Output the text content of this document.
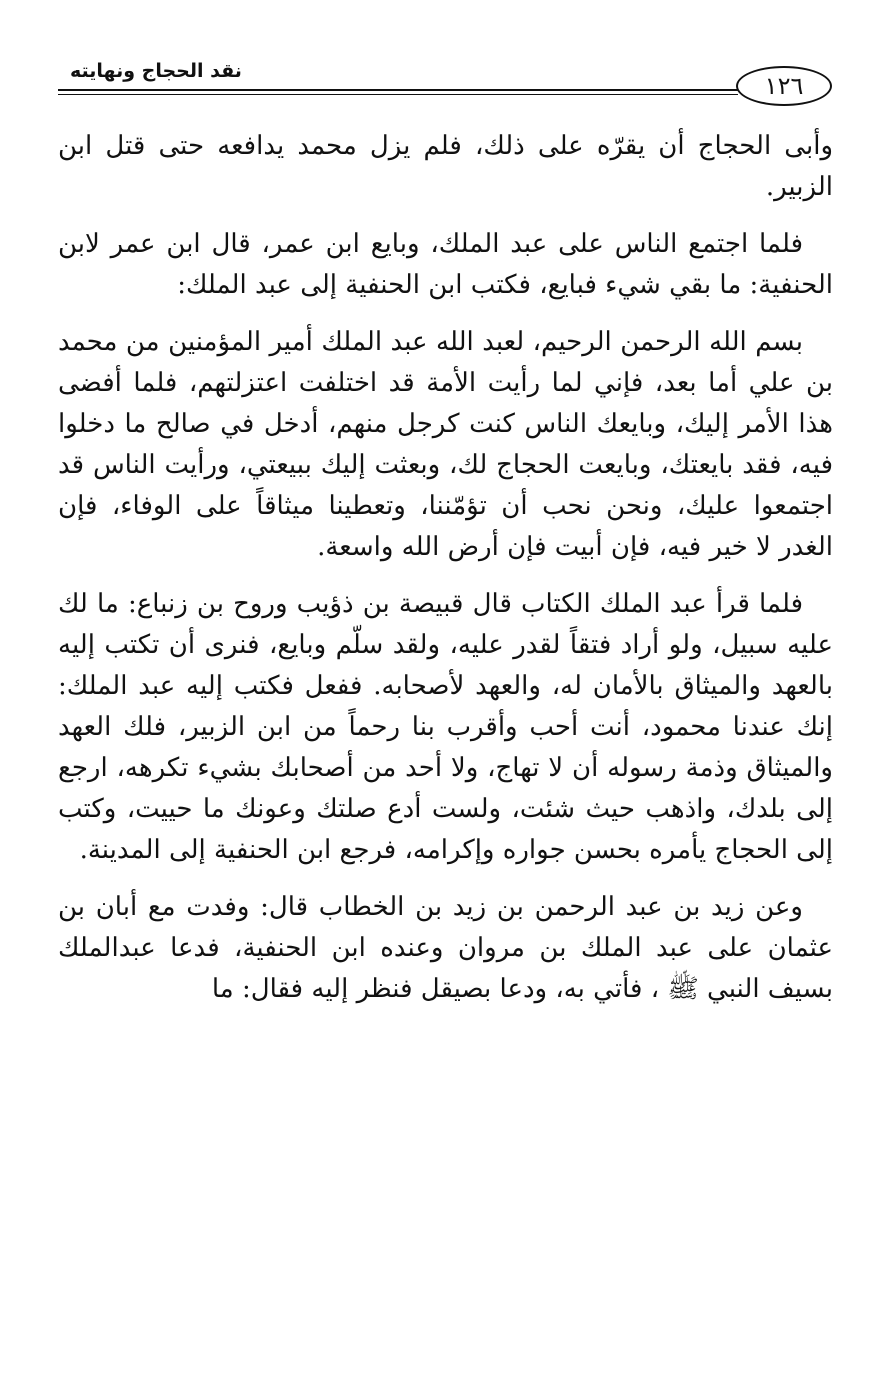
نقد الحجاج ونهايته
١٢٦

وأبى الحجاج أن يقرّه على ذلك، فلم يزل محمد يدافعه حتى قتل ابن الزبير.

فلما اجتمع الناس على عبد الملك، وبايع ابن عمر، قال ابن عمر لابن الحنفية: ما بقي شيء فبايع، فكتب ابن الحنفية إلى عبد الملك:

بسم الله الرحمن الرحيم، لعبد الله عبد الملك أمير المؤمنين من محمد بن علي أما بعد، فإني لما رأيت الأمة قد اختلفت اعتزلتهم، فلما أفضى هذا الأمر إليك، وبايعك الناس كنت كرجل منهم، أدخل في صالح ما دخلوا فيه، فقد بايعتك، وبايعت الحجاج لك، وبعثت إليك ببيعتي، ورأيت الناس قد اجتمعوا عليك، ونحن نحب أن تؤمّننا، وتعطينا ميثاقاً على الوفاء، فإن الغدر لا خير فيه، فإن أبيت فإن أرض الله واسعة.

فلما قرأ عبد الملك الكتاب قال قبيصة بن ذؤيب وروح بن زنباع: ما لك عليه سبيل، ولو أراد فتقاً لقدر عليه، ولقد سلّم وبايع، فنرى أن تكتب إليه بالعهد والميثاق بالأمان له، والعهد لأصحابه. ففعل فكتب إليه عبد الملك: إنك عندنا محمود، أنت أحب وأقرب بنا رحماً من ابن الزبير، فلك العهد والميثاق وذمة رسوله أن لا تهاج، ولا أحد من أصحابك بشيء تكرهه، ارجع إلى بلدك، واذهب حيث شئت، ولست أدع صلتك وعونك ما حييت، وكتب إلى الحجاج يأمره بحسن جواره وإكرامه، فرجع ابن الحنفية إلى المدينة.

وعن زيد بن عبد الرحمن بن زيد بن الخطاب قال: وفدت مع أبان بن عثمان على عبد الملك بن مروان وعنده ابن الحنفية، فدعا عبدالملك بسيف النبي ﷺ ، فأتي به، ودعا بصيقل فنظر إليه فقال: ما
